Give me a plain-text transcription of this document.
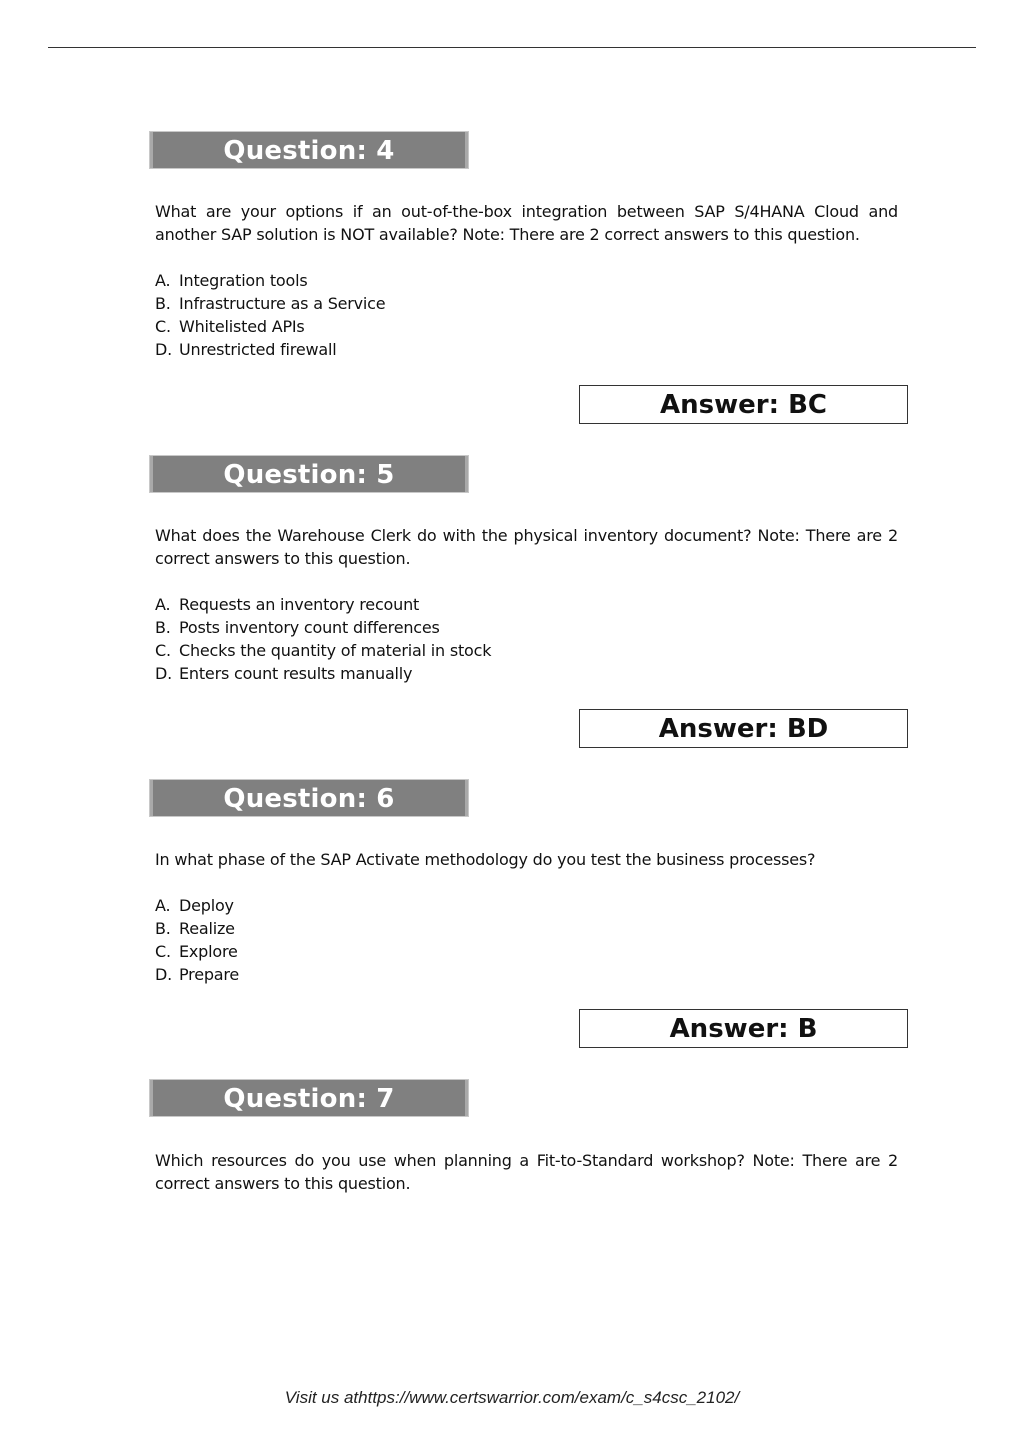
Question: 4
What are your options if an out-of-the-box integration between SAP S/4HANA Cloud and another SAP solution is NOT available? Note: There are 2 correct answers to this question.
A. Integration tools
B. Infrastructure as a Service
C. Whitelisted APIs
D. Unrestricted firewall
Answer: BC
Question: 5
What does the Warehouse Clerk do with the physical inventory document? Note: There are 2 correct answers to this question.
A. Requests an inventory recount
B. Posts inventory count differences
C. Checks the quantity of material in stock
D. Enters count results manually
Answer: BD
Question: 6
In what phase of the SAP Activate methodology do you test the business processes?
A. Deploy
B. Realize
C. Explore
D. Prepare
Answer: B
Question: 7
Which resources do you use when planning a Fit-to-Standard workshop? Note: There are 2 correct answers to this question.
Visit us athttps://www.certswarrior.com/exam/c_s4csc_2102/
